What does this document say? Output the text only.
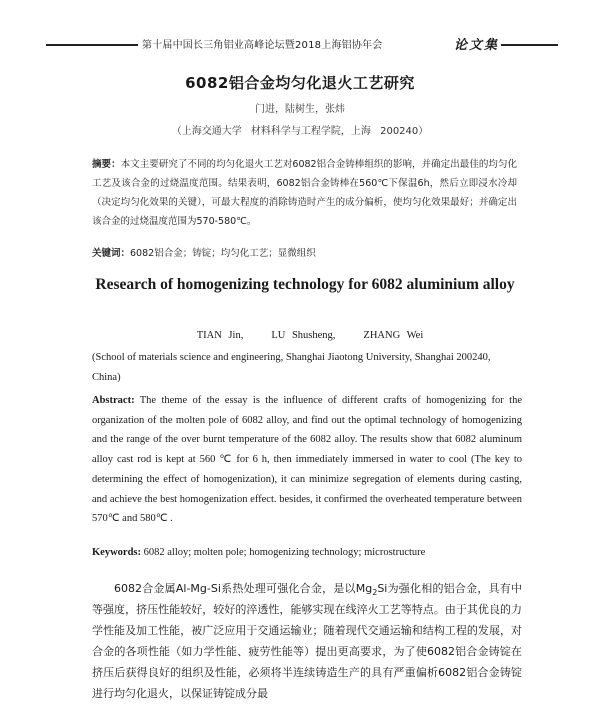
第十届中国长三角铝业高峰论坛暨2018上海铝协年会	论文集
6082铝合金均匀化退火工艺研究
门进，陆树生，张炜
（上海交通大学 材料科学与工程学院，上海 200240）
摘要：本文主要研究了不同的均匀化退火工艺对6082铝合金铸棒组织的影响，并确定出最佳的均匀化工艺及该合金的过烧温度范围。结果表明，6082铝合金铸棒在560℃下保温6h，然后立即浸水冷却（决定均匀化效果的关键），可最大程度的消除铸造时产生的成分偏析，使均匀化效果最好；并确定出该合金的过烧温度范围为570-580℃。
关键词：6082铝合金 ； 铸锭 ； 均匀化工艺 ； 显微组织
Research of homogenizing technology for 6082 aluminium alloy
TIAN Jin,	LU Shusheng,	ZHANG Wei
(School of materials science and engineering, Shanghai Jiaotong University, Shanghai 200240, China)
Abstract: The theme of the essay is the influence of different crafts of homogenizing for the organization of the molten pole of 6082 alloy, and find out the optimal technology of homogenizing and the range of the over burnt temperature of the 6082 alloy. The results show that 6082 aluminum alloy cast rod is kept at 560 ℃ for 6 h, then immediately immersed in water to cool (The key to determining the effect of homogenization), it can minimize segregation of elements during casting, and achieve the best homogenization effect. besides, it confirmed the overheated temperature between 570℃ and 580℃ .
Keywords: 6082 alloy; molten pole; homogenizing technology; microstructure
6082合金属Al-Mg-Si系热处理可强化合金，是以$Mg_2Si$为强化相的铝合金，具有中等强度，挤压性能较好，较好的淬透性，能够实现在线淬火工艺等特点。由于其优良的力学性能及加工性能，被广泛应用于交通运输业；随着现代交通运输和结构工程的发展，对合金的各项性能（如力学性能、疲劳性能等）提出更高要求，为了使6082铝合金铸锭在挤压后获得良好的组织及性能，必须将半连续铸造生产的具有严重偏析6082铝合金铸锭进行均匀化退火，以保证铸锭成分最
